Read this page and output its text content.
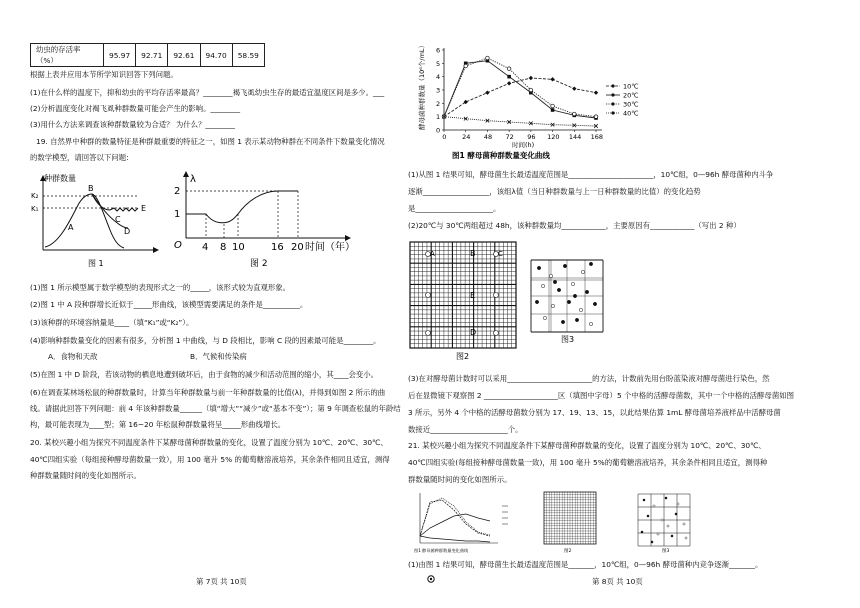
幼虫的存活率（%）	95.97	92.71	92.61	94.70	58.59
根据上表并应用本节所学知识回答下列问题。
(1)在什么样的温度下，抑和幼虫的平均存活率最高？________褐飞虱幼虫生存的最适宜温度区间是多少。___
(2)分析温度变化对褐飞虱种群数量可能会产生的影响。________
(3)用什么方法来调查该种群数量较为合适？ 为什么？________
19. 自然界中种群的数量特征是种群最重要的特征之一，如图 1 表示某动物种群在不同条件下数量变化情况
的数学模型，请回答以下问题:
种群数量
K₂
K₁
A
B
C
D
E
图 1
λ
2
1
O 4 8 10	16 20 时间（年）
图 2
(1)图 1 所示模型属于数学模型的表现形式之一的_____，该形式较为直观形象。
(2)图 1 中 A 段种群增长近似于_____形曲线，该模型需要满足的条件是__________。
(3)该种群的环境容纳量是____（填“K₁”或“K₂”）。
(4)影响种群数量变化的因素有很多，分析图 1 中曲线，与 D 段相比，影响 C 段的因素最可能是________。
A．食物和天敌	B．气候和传染病
(5)在图 1 中 D 阶段，若该动物的栖息地遭到破坏后，由于食物的减少和活动范围的缩小，其____会变小。
(6)在调查某林场松鼠的种群数量时，计算当年种群数量与前一年种群数量的比值(λ)，并得到如图 2 所示的曲
线。请据此回答下列问题：前 4 年该种群数量______（填“增大”“减少”或“基本不变”）；第 9 年调查松鼠的年龄结
构，最可能表现为____型；第 16~20 年松鼠种群数量将呈_____形曲线增长。
20. 某校兴趣小组为探究不同温度条件下某酵母菌种群数量的变化，设置了温度分别为 10℃、20℃、30℃、
40℃四组实验（每组接种酵母菌数量一致），用 100 毫升 5% 的葡萄糖溶液培养，其余条件相同且适宜，测得
种群数量随时间的变化如图所示。
第 7页 共 10页
酵母菌种群数量（10⁶个/mL）
0
1
2
3
4
5
6
0 24 48 72 96 120 144 168
时间(h)
10℃
20℃
30℃
40℃
图1 酵母菌种群数量变化曲线
(1)从图 1 结果可知，酵母菌生长最适温度范围是_______________________，10℃组，0—96h 酵母菌种内斗争
逐渐__________________，该组λ值（当日种群数量与上一日种群数量的比值）的变化趋势
是_____________________。
(2)20℃与 30℃两组超过 48h，该种群数量均____________，主要原因有____________（写出 2 种）
B
E
D
A	C
图2
图3
(3)在对酵母菌计数时可以采用_______________________的方法，计数前先用台盼蓝染液对酵母菌进行染色，然
后在显微镜下观察图 2 ____________________区（填图中字母）5 个中格的活酵母菌数，其中一个中格的活酵母菌如图
3 所示，另外 4 个中格的活酵母菌数分别为 17、19、13、15，以此结果估算 1mL 酵母菌培养液样品中活酵母菌
数接近_____________________个。
21. 某校兴趣小组为探究不同温度条件下某酵母菌种群数量的变化，设置了温度分别为 10℃、20℃、30℃、
40℃四组实验(每组接种酵母菌数量一致)，用 100 毫升 5%的葡萄糖溶液培养，其余条件相同且适宜，测得种
群数量随时间的变化如图所示。
图1 酵母菌种群数量变化曲线	图2	图3
(1)由图 1 结果可知，酵母菌生长最适温度范围是_______，10℃组，0—96h 酵母菌种内竞争逐渐_______。
第 8页 共 10页
